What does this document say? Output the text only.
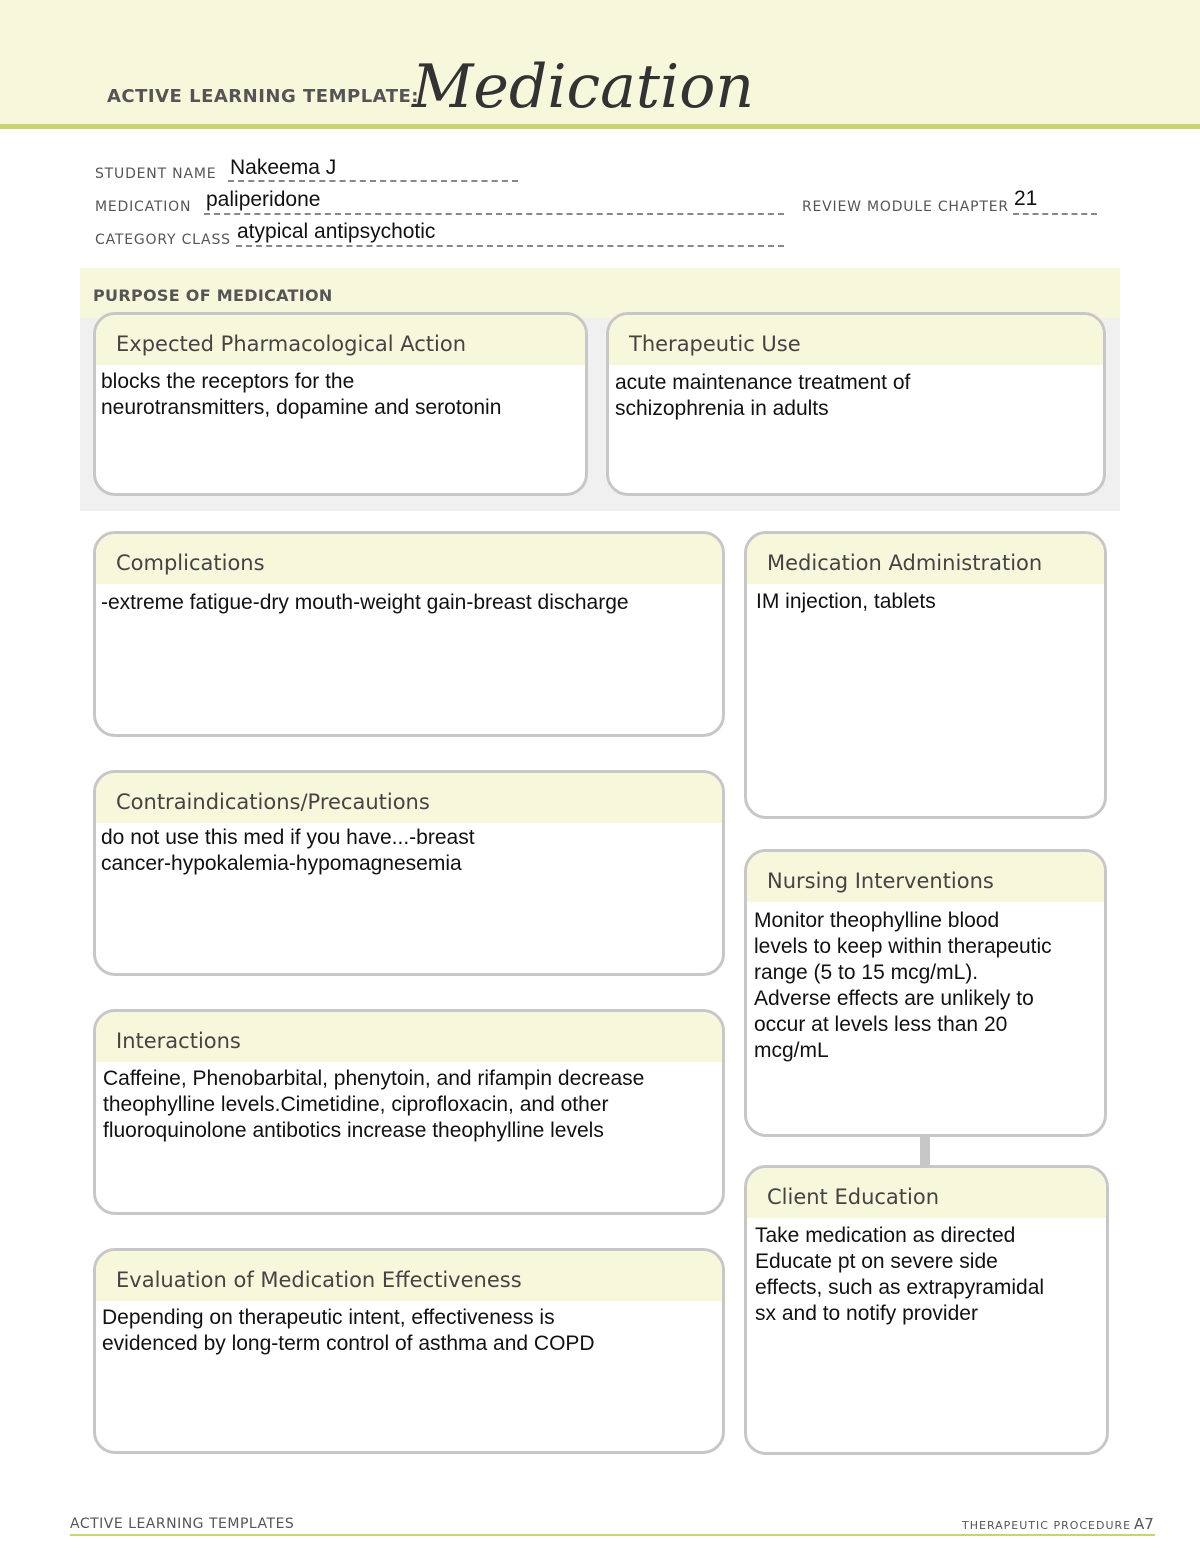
ACTIVE LEARNING TEMPLATE:
Medication
STUDENT NAME Nakeema J
MEDICATION paliperidone	REVIEW MODULE CHAPTER 21
CATEGORY CLASS atypical antipsychotic
PURPOSE OF MEDICATION
Expected Pharmacological Action
blocks the receptors for the
neurotransmitters, dopamine and serotonin
Therapeutic Use
acute maintenance treatment of
schizophrenia in adults
Complications
-extreme fatigue-dry mouth-weight gain-breast discharge
Contraindications/Precautions
do not use this med if you have...-breast
cancer-hypokalemia-hypomagnesemia
Interactions
Caffeine, Phenobarbital, phenytoin, and rifampin decrease
theophylline levels.Cimetidine, ciprofloxacin, and other
fluoroquinolone antibotics increase theophylline levels
Evaluation of Medication Effectiveness
Depending on therapeutic intent, effectiveness is
evidenced by long-term control of asthma and COPD
Medication Administration
IM injection, tablets
Nursing Interventions
Monitor theophylline blood
levels to keep within therapeutic
range (5 to 15 mcg/mL).
Adverse effects are unlikely to
occur at levels less than 20
mcg/mL
Client Education
Take medication as directed
Educate pt on severe side
effects, such as extrapyramidal
sx and to notify provider
ACTIVE LEARNING TEMPLATES	THERAPEUTIC PROCEDURE A7
